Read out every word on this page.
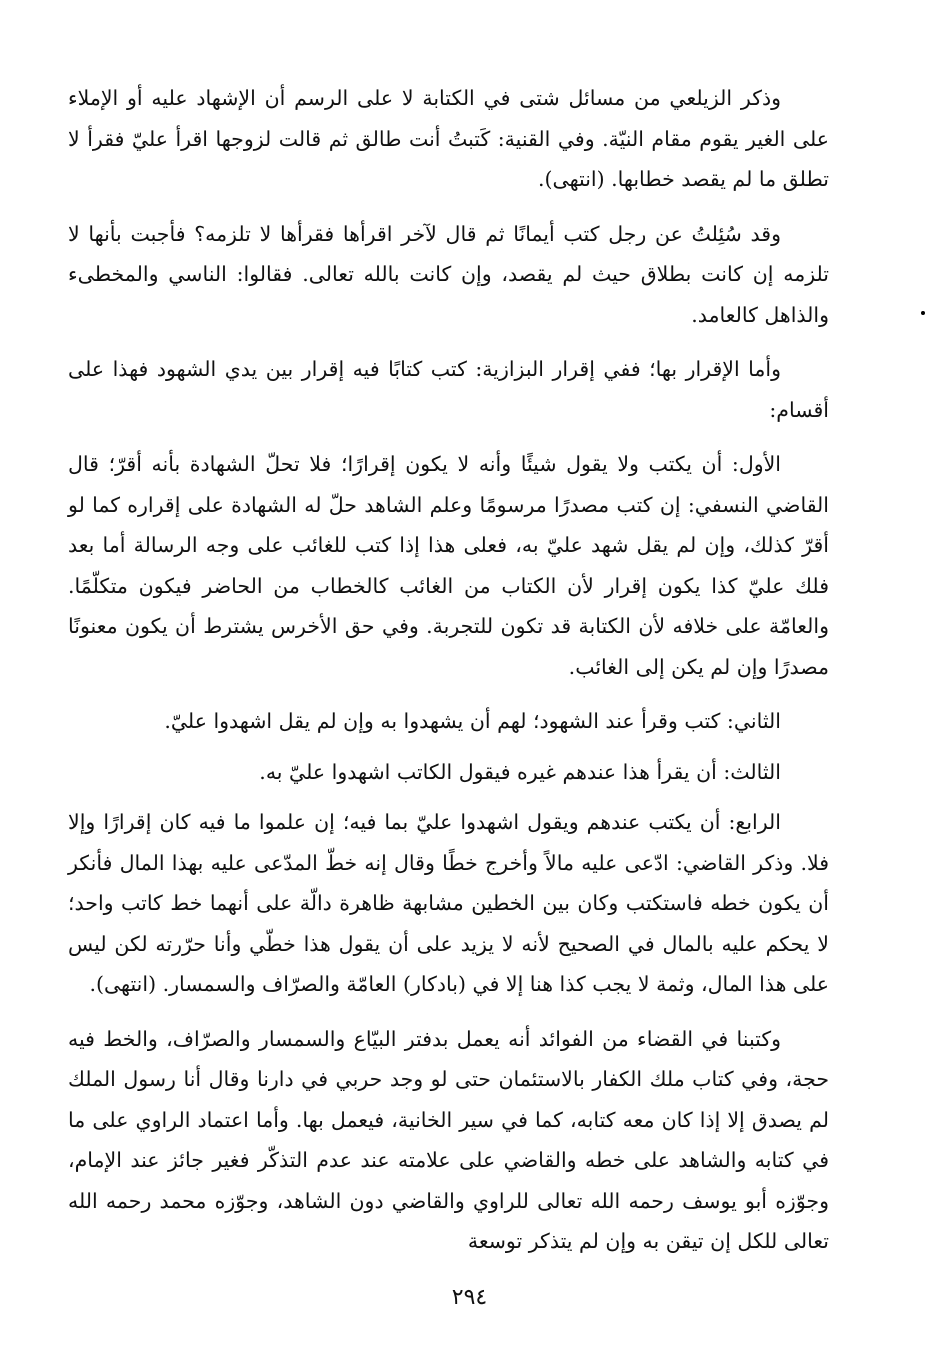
وذكر الزيلعي من مسائل شتى في الكتابة لا على الرسم أن الإشهاد عليه أو الإملاء على الغير يقوم مقام النيّة. وفي القنية: كَتبتُ أنت طالق ثم قالت لزوجها اقرأ عليّ فقرأ لا تطلق ما لم يقصد خطابها. (انتهى).

وقد سُئِلتُ عن رجل كتب أيمانًا ثم قال لآخر اقرأها فقرأها لا تلزمه؟ فأجبت بأنها لا تلزمه إن كانت بطلاق حيث لم يقصد، وإن كانت بالله تعالى. فقالوا: الناسي والمخطىء والذاهل كالعامد.

وأما الإقرار بها؛ ففي إقرار البزازية: كتب كتابًا فيه إقرار بين يدي الشهود فهذا على أقسام:

الأول: أن يكتب ولا يقول شيئًا وأنه لا يكون إقرارًا؛ فلا تحلّ الشهادة بأنه أقرّ؛ قال القاضي النسفي: إن كتب مصدرًا مرسومًا وعلم الشاهد حلّ له الشهادة على إقراره كما لو أقرّ كذلك، وإن لم يقل شهد عليّ به، فعلى هذا إذا كتب للغائب على وجه الرسالة أما بعد فلك عليّ كذا يكون إقرار لأن الكتاب من الغائب كالخطاب من الحاضر فيكون متكلّمًا. والعامّة على خلافه لأن الكتابة قد تكون للتجربة. وفي حق الأخرس يشترط أن يكون معنونًا مصدرًا وإن لم يكن إلى الغائب.

الثاني: كتب وقرأ عند الشهود؛ لهم أن يشهدوا به وإن لم يقل اشهدوا عليّ.

الثالث: أن يقرأ هذا عندهم غيره فيقول الكاتب اشهدوا عليّ به.

الرابع: أن يكتب عندهم ويقول اشهدوا عليّ بما فيه؛ إن علموا ما فيه كان إقرارًا وإلا فلا. وذكر القاضي: ادّعى عليه مالاً وأخرج خطًا وقال إنه خطّ المدّعى عليه بهذا المال فأنكر أن يكون خطه فاستكتب وكان بين الخطين مشابهة ظاهرة دالّة على أنهما خط كاتب واحد؛ لا يحكم عليه بالمال في الصحيح لأنه لا يزيد على أن يقول هذا خطّي وأنا حرّرته لكن ليس على هذا المال، وثمة لا يجب كذا هنا إلا في (بادكار) العامّة والصرّاف والسمسار. (انتهى).

وكتبنا في القضاء من الفوائد أنه يعمل بدفتر البيّاع والسمسار والصرّاف، والخط فيه حجة، وفي كتاب ملك الكفار بالاستئمان حتى لو وجد حربي في دارنا وقال أنا رسول الملك لم يصدق إلا إذا كان معه كتابه، كما في سير الخانية، فيعمل بها. وأما اعتماد الراوي على ما في كتابه والشاهد على خطه والقاضي على علامته عند عدم التذكّر فغير جائز عند الإمام، وجوّزه أبو يوسف رحمه الله تعالى للراوي والقاضي دون الشاهد، وجوّزه محمد رحمه الله تعالى للكل إن تيقن به وإن لم يتذكر توسعة

٢٩٤
